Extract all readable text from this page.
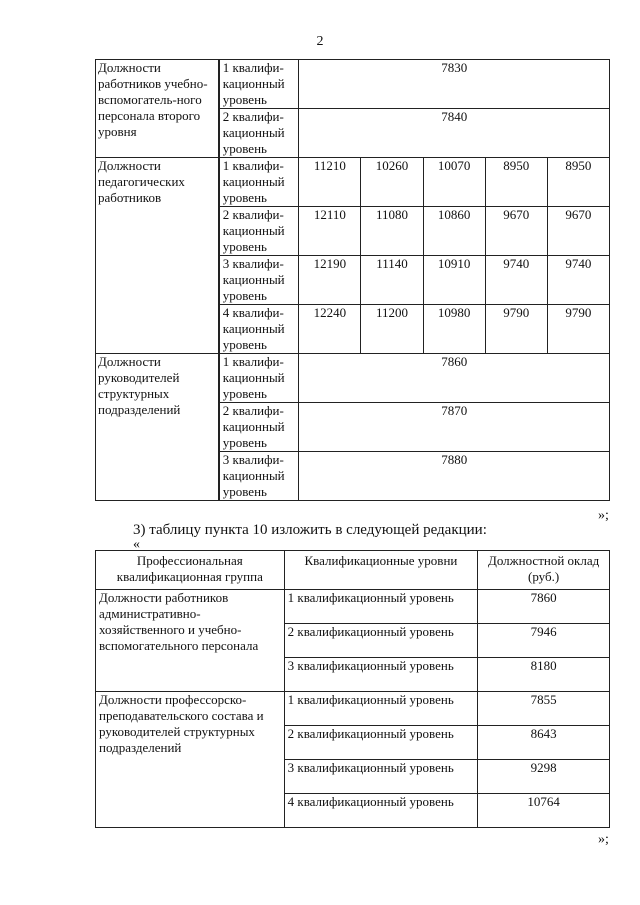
2
Должности работников учебно-вспомогатель-ного персонала второго уровня	1 квалифи-кационный уровень	7830				
	2 квалифи-кационный уровень	7840				
Должности педагогических работников	1 квалифи-кационный уровень	11210	10260	10070	8950	8950
	2 квалифи-кационный уровень	12110	11080	10860	9670	9670
	3 квалифи-кационный уровень	12190	11140	10910	9740	9740
	4 квалифи-кационный уровень	12240	11200	10980	9790	9790
Должности руководителей структурных подразделений	1 квалифи-кационный уровень	7860				
	2 квалифи-кационный уровень	7870				
	3 квалифи-кационный уровень	7880				
»;
3) таблицу пункта 10 изложить в следующей редакции:
«
Профессиональная квалификационная группа	Квалификационные уровни	Должностной оклад (руб.)
Должности работников административно-хозяйственного и учебно-вспомогательного персонала	1 квалификационный уровень	7860
	2 квалификационный уровень	7946
	3 квалификационный уровень	8180
Должности профессорско-преподавательского состава и руководителей структурных подразделений	1 квалификационный уровень	7855
	2 квалификационный уровень	8643
	3 квалификационный уровень	9298
	4 квалификационный уровень	10764
»;
